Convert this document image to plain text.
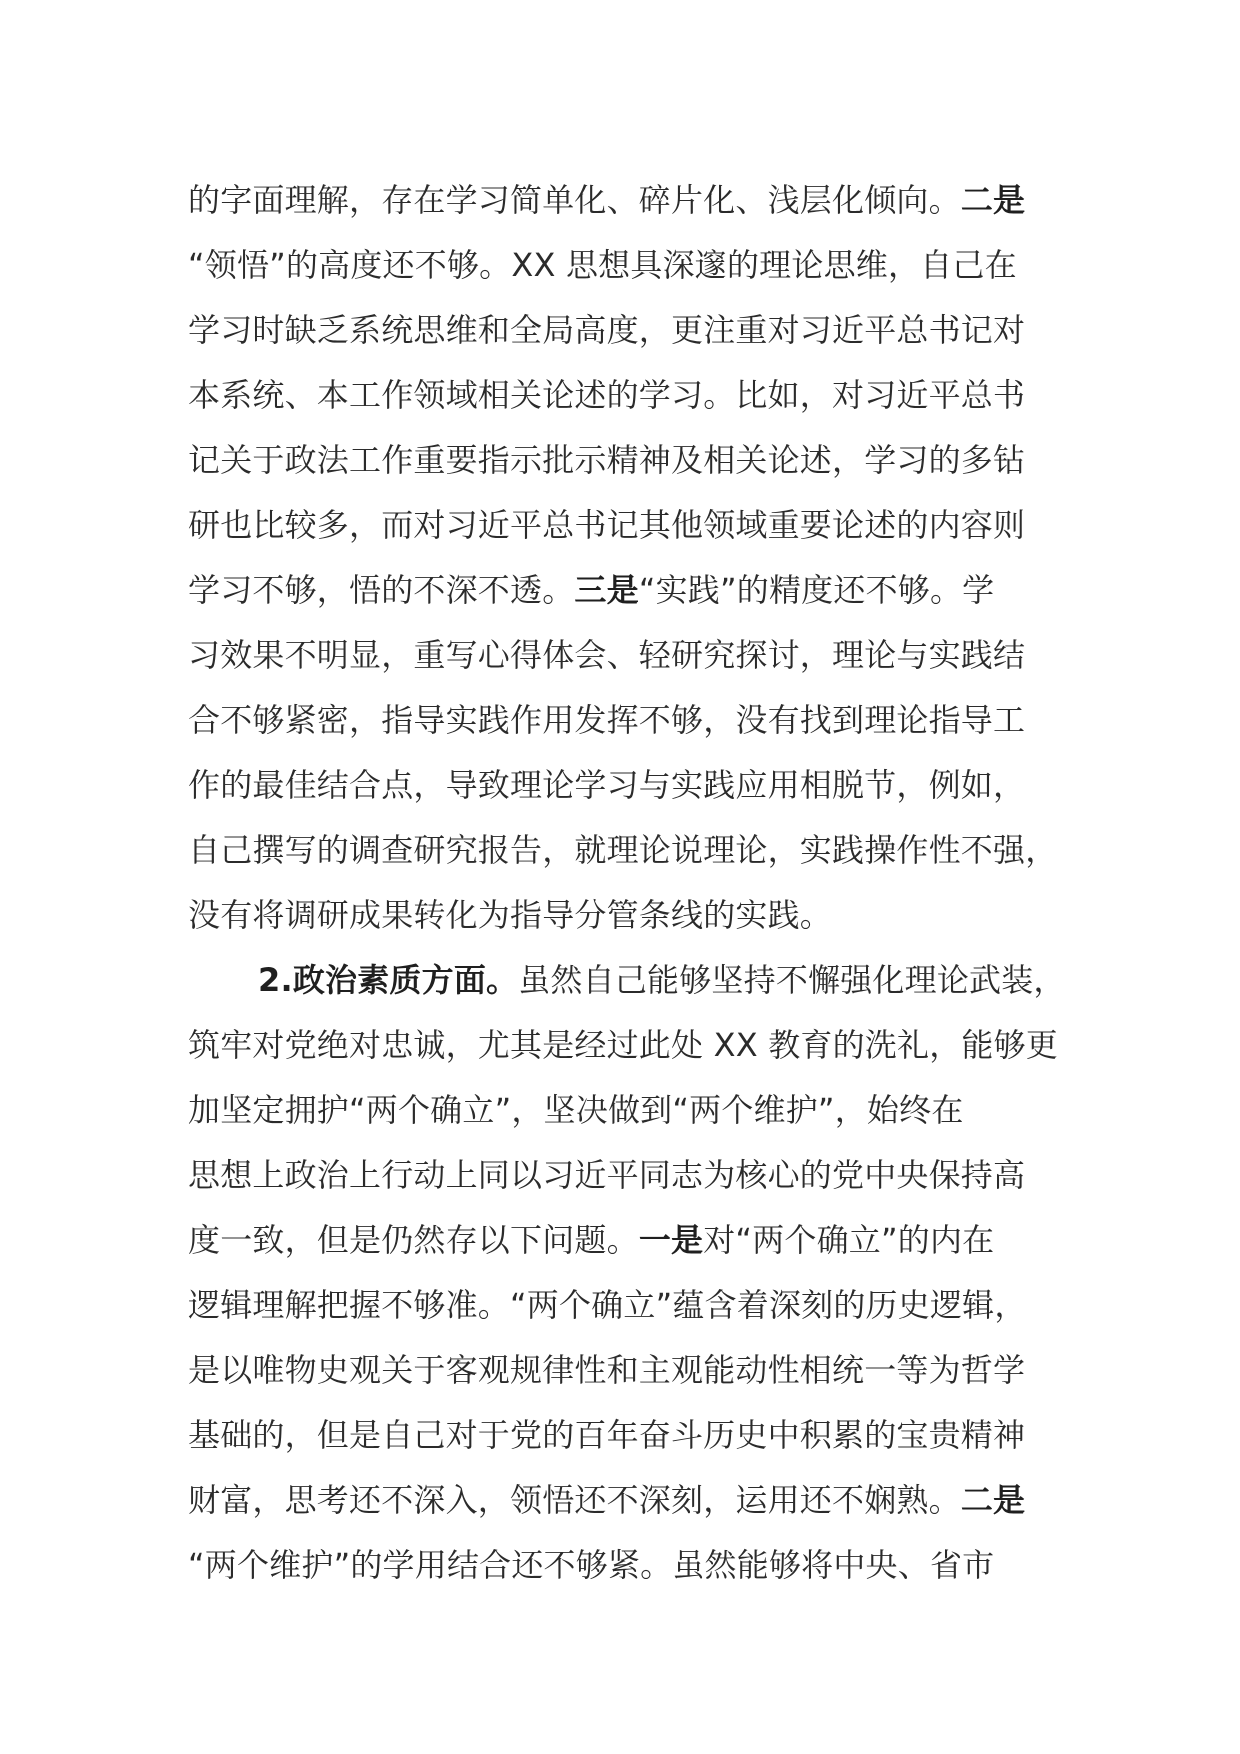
的字面理解，存在学习简单化、碎片化、浅层化倾向。二是
“领悟”的高度还不够。XX 思想具深邃的理论思维，自己在
学习时缺乏系统思维和全局高度，更注重对习近平总书记对
本系统、本工作领域相关论述的学习。比如，对习近平总书
记关于政法工作重要指示批示精神及相关论述，学习的多钻
研也比较多，而对习近平总书记其他领域重要论述的内容则
学习不够，悟的不深不透。三是“实践”的精度还不够。学
习效果不明显，重写心得体会、轻研究探讨，理论与实践结
合不够紧密，指导实践作用发挥不够，没有找到理论指导工
作的最佳结合点，导致理论学习与实践应用相脱节，例如，
自己撰写的调查研究报告，就理论说理论，实践操作性不强，
没有将调研成果转化为指导分管条线的实践。
2.政治素质方面。虽然自己能够坚持不懈强化理论武装，
筑牢对党绝对忠诚，尤其是经过此处 XX 教育的洗礼，能够更
加坚定拥护“两个确立”，坚决做到“两个维护”，始终在
思想上政治上行动上同以习近平同志为核心的党中央保持高
度一致，但是仍然存以下问题。一是对“两个确立”的内在
逻辑理解把握不够准。“两个确立”蕴含着深刻的历史逻辑，
是以唯物史观关于客观规律性和主观能动性相统一等为哲学
基础的，但是自己对于党的百年奋斗历史中积累的宝贵精神
财富，思考还不深入，领悟还不深刻，运用还不娴熟。二是
“两个维护”的学用结合还不够紧。虽然能够将中央、省市
